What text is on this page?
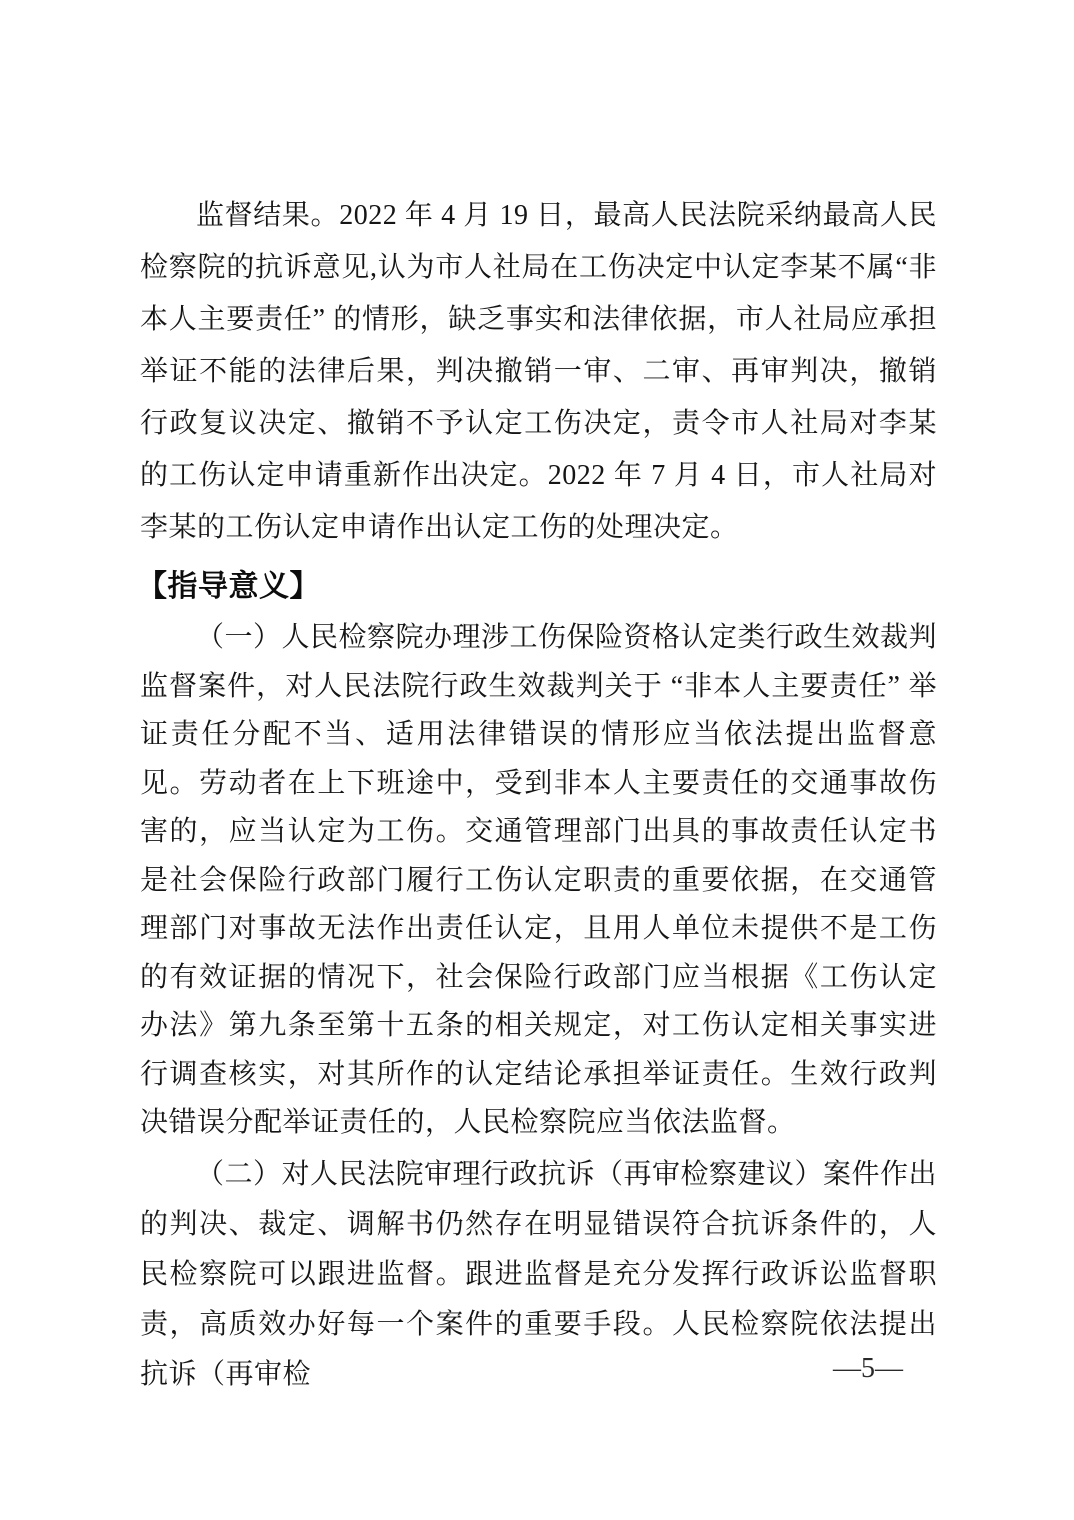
监督结果。2022 年 4 月 19 日，最高人民法院采纳最高人民检察院的抗诉意见,认为市人社局在工伤决定中认定李某不属“非本人主要责任” 的情形，缺乏事实和法律依据，市人社局应承担举证不能的法律后果，判决撤销一审、二审、再审判决，撤销行政复议决定、撤销不予认定工伤决定，责令市人社局对李某的工伤认定申请重新作出决定。2022 年 7 月 4 日，市人社局对李某的工伤认定申请作出认定工伤的处理决定。

【指导意义】

（一）人民检察院办理涉工伤保险资格认定类行政生效裁判监督案件，对人民法院行政生效裁判关于 “非本人主要责任” 举证责任分配不当、适用法律错误的情形应当依法提出监督意见。劳动者在上下班途中，受到非本人主要责任的交通事故伤害的，应当认定为工伤。交通管理部门出具的事故责任认定书是社会保险行政部门履行工伤认定职责的重要依据，在交通管理部门对事故无法作出责任认定，且用人单位未提供不是工伤的有效证据的情况下，社会保险行政部门应当根据《工伤认定办法》第九条至第十五条的相关规定，对工伤认定相关事实进行调查核实，对其所作的认定结论承担举证责任。生效行政判决错误分配举证责任的，人民检察院应当依法监督。

（二）对人民法院审理行政抗诉（再审检察建议）案件作出的判决、裁定、调解书仍然存在明显错误符合抗诉条件的，人民检察院可以跟进监督。跟进监督是充分发挥行政诉讼监督职责，高质效办好每一个案件的重要手段。人民检察院依法提出抗诉（再审检	—5—
